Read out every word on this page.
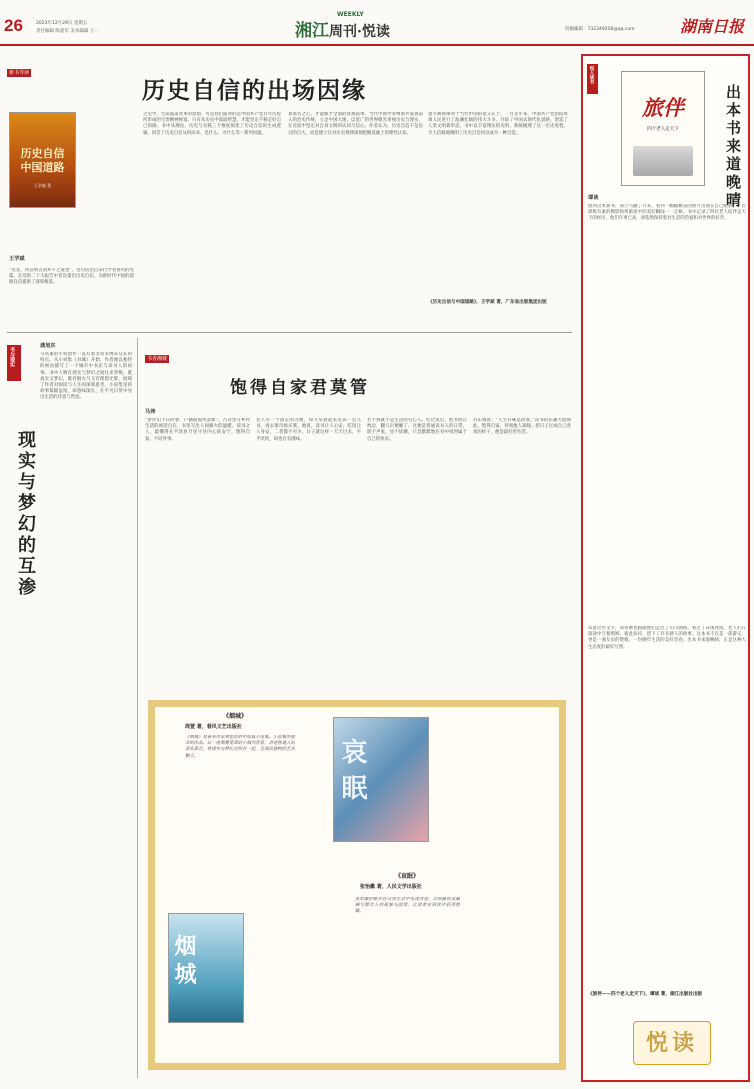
26	2023年12月29日 星期五
责任编辑 陈爱军 美术编辑 王一
WEEKLY
湘江周刊·悦读	投稿邮箱：732349208@qq.com	湖南日报
新书导读
历史自信的出场因缘
历史自信 中国道路
王学斌 著
王学斌
“史者，所以明古而并不之道也”，这句话出自宋代学者曾巩的名篇。在党的二十大报告中首次提出历史自信，为新时代中国的道路自信提供了深厚根基。
之史学，生前鼓荡变革的思想，可是我们面对的是中国共产党百年历程所形成的宝贵精神财富。只有从历史中汲取智慧，才能坚定不移走好自己的路。书中从理论、历史与实践三个维度阐述了历史自信的生成逻辑，回答了历史自信从何而来、是什么、为什么等一系列问题。
真承名之心，才能赋予全面的客观叙事。当代中国学者继承并发扬前人的治史传统，立足中国大地，以宽广的世界眼光审视历史与现实，在比较中坚定对自身文明的认同与信心。作者认为，历史自信不是盲目的自大，而是建立在对历史规律深刻把握基础上的理性认知。
意大利规律对于当代中国的意义在于，一百多年来，中国共产党团结带领人民进行了波澜壮阔的伟大斗争，开辟了中国式现代化道路，创造了人类文明新形态。书中以丰富翔实的史料，系统梳理了这一历史进程，令人信服地阐明了历史自信何以成为一种自觉。
《历史自信与中国道路》，王学斌 著，广东省出版集团出版
书与现实
现实与梦幻的互渗
龚旭东
马英兼的小说创作一直有着非常多博采众长的特点。从小说集《书城》开始，作者便以独特的视角描写了一个城市中书店与读书人的故事。书中人物在现实与梦幻之间往来穿梭，既真实又梦幻，既有烟火气又有理想光辉，展现了作者对阅读与人生的深刻思考。小说集里的故事篇幅虽短，却意味深长，在平凡日常中见出生活的诗意与哲思。
书香湘楼
饱得自家君莫管
马涛
“梦评山下日时春，户籍殷殷风景新”。古诗里写乡村生活的闲适自在，书里写出人间烟火的温暖。读书之人，最懂得在平淡岁月里守住内心的安宁，饱得自家，不问外事。
老人有一个固定的习惯，每天早晨起来先读一会儿书，再去菜市场买菜。他说，读书让人心安，吃饭让人身安，二者都不可少。日子就这样一天天过去，平平淡淡，却也自有滋味。
若不然就不是生活的有心人。吃过饭后，把书放在枕边，翻几页便睡了。这便是普通读书人的日常，既不声张，也不炫耀，只是默默地在书中找到属于自己的快乐。
苏东坡说：“人生有味是清欢。”读书的乐趣大抵如此，饱得自家，何须他人知晓。把日子过成自己喜欢的样子，便是最好的生活。
烟城
《烟城》
周萱 著，春风文艺出版社
《烟城》是著名作家龚旭东的中短篇小说集。小说集所收录的作品，以一座烟雾笼罩的小城为背景，讲述普通人的悲欢离合，将现实与梦幻交织在一起，呈现出独特的艺术魅力。	哀眠
《哀眠》
张怡徽 著，人民文学出版社
张怡徽的新作在日常生活中发现诗意，以细腻的笔触描写都市人的孤独与温情，让读者在阅读中获得慰藉。
悦人读书
旅伴
四个老人走天下	出本书来道晚晴
谭谈
接到这本新书，我立马翻了开来，看到一幅幅精美的照片出现在自己眼前，一位训练有素的摄影师将旅途中的美好瞬间一一定格。书中记录了四位老人结伴走天下的经历，他们年事已高，却依然保持着对生活的热爱和对世界的好奇。
读着这些文字，我仿佛也跟随他们走过了山川湖海，看过了异国风情。老人们在旅途中互相照顾，彼此扶持，留下了许多感人的故事。这本书不仅是一部游记，更是一曲友谊的赞歌，一份晚年生活的美好答卷。出本书来道晚晴，正是这种人生态度的最好写照。
《旅伴——四个老人走天下》，谭谈 著，湖江出版社出版
悦读
